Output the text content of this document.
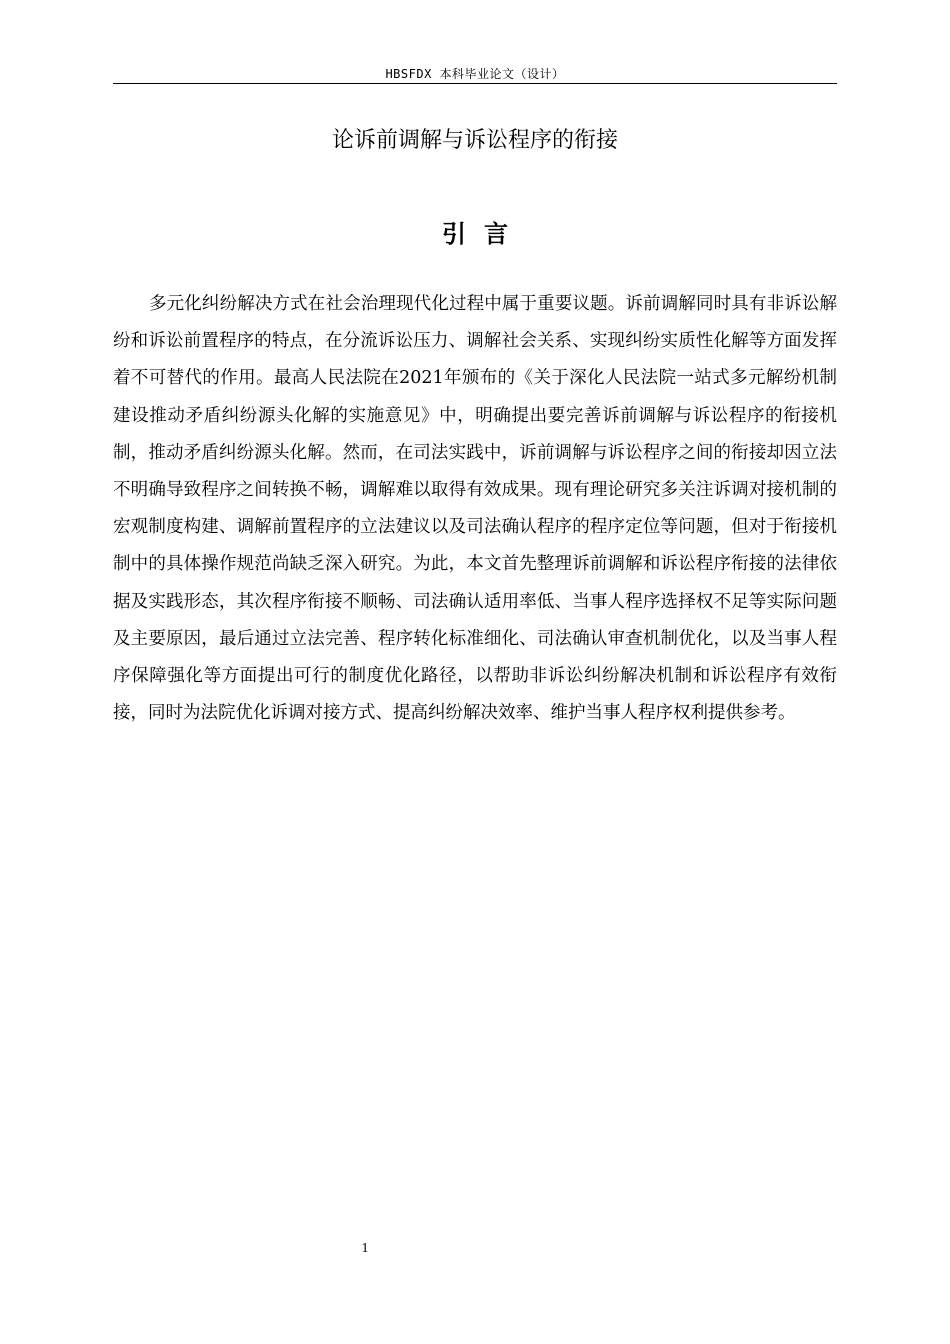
HBSFDX 本科毕业论文（设计）
论诉前调解与诉讼程序的衔接
引言

多元化纠纷解决方式在社会治理现代化过程中属于重要议题。诉前调解同时具有非诉讼解纷和诉讼前置程序的特点，在分流诉讼压力、调解社会关系、实现纠纷实质性化解等方面发挥着不可替代的作用。最高人民法院在2021年颁布的《关于深化人民法院一站式多元解纷机制建设推动矛盾纠纷源头化解的实施意见》中，明确提出要完善诉前调解与诉讼程序的衔接机制，推动矛盾纠纷源头化解。然而，在司法实践中，诉前调解与诉讼程序之间的衔接却因立法不明确导致程序之间转换不畅，调解难以取得有效成果。现有理论研究多关注诉调对接机制的宏观制度构建、调解前置程序的立法建议以及司法确认程序的程序定位等问题，但对于衔接机制中的具体操作规范尚缺乏深入研究。为此，本文首先整理诉前调解和诉讼程序衔接的法律依据及实践形态，其次程序衔接不顺畅、司法确认适用率低、当事人程序选择权不足等实际问题及主要原因，最后通过立法完善、程序转化标准细化、司法确认审查机制优化，以及当事人程序保障强化等方面提出可行的制度优化路径，以帮助非诉讼纠纷解决机制和诉讼程序有效衔接，同时为法院优化诉调对接方式、提高纠纷解决效率、维护当事人程序权利提供参考。

1
